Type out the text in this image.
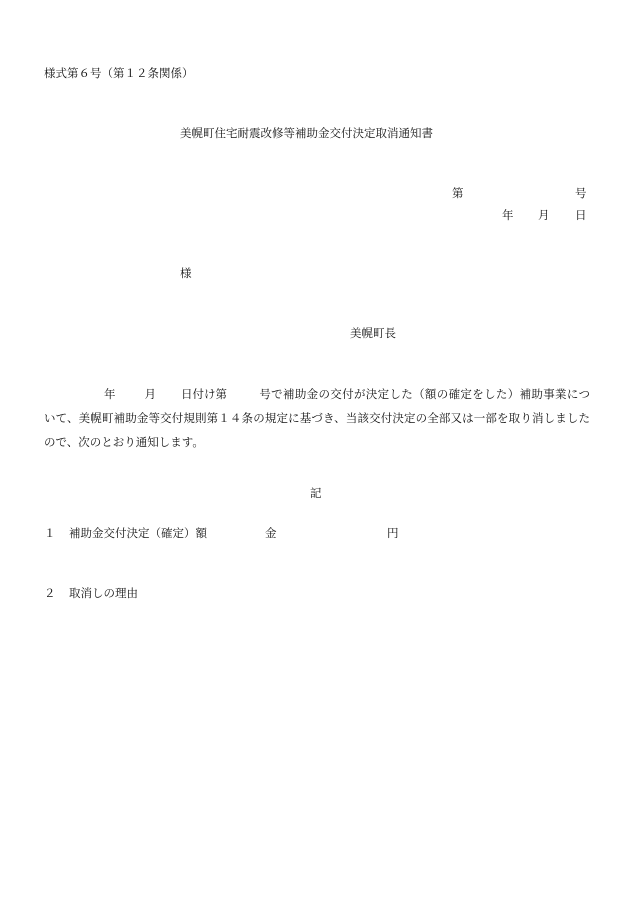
様式第６号（第１２条関係）
美幌町住宅耐震改修等補助金交付決定取消通知書
第	号
年 月 日
様
美幌町長
年	月 日付け第	号で補助金の交付が決定した（額の確定をした）補助事業について、美幌町補助金等交付規則第１４条の規定に基づき、当該交付決定の全部又は一部を取り消しましたので、次のとおり通知します。
記
１ 補助金交付決定（確定）額	金	円
２ 取消しの理由
